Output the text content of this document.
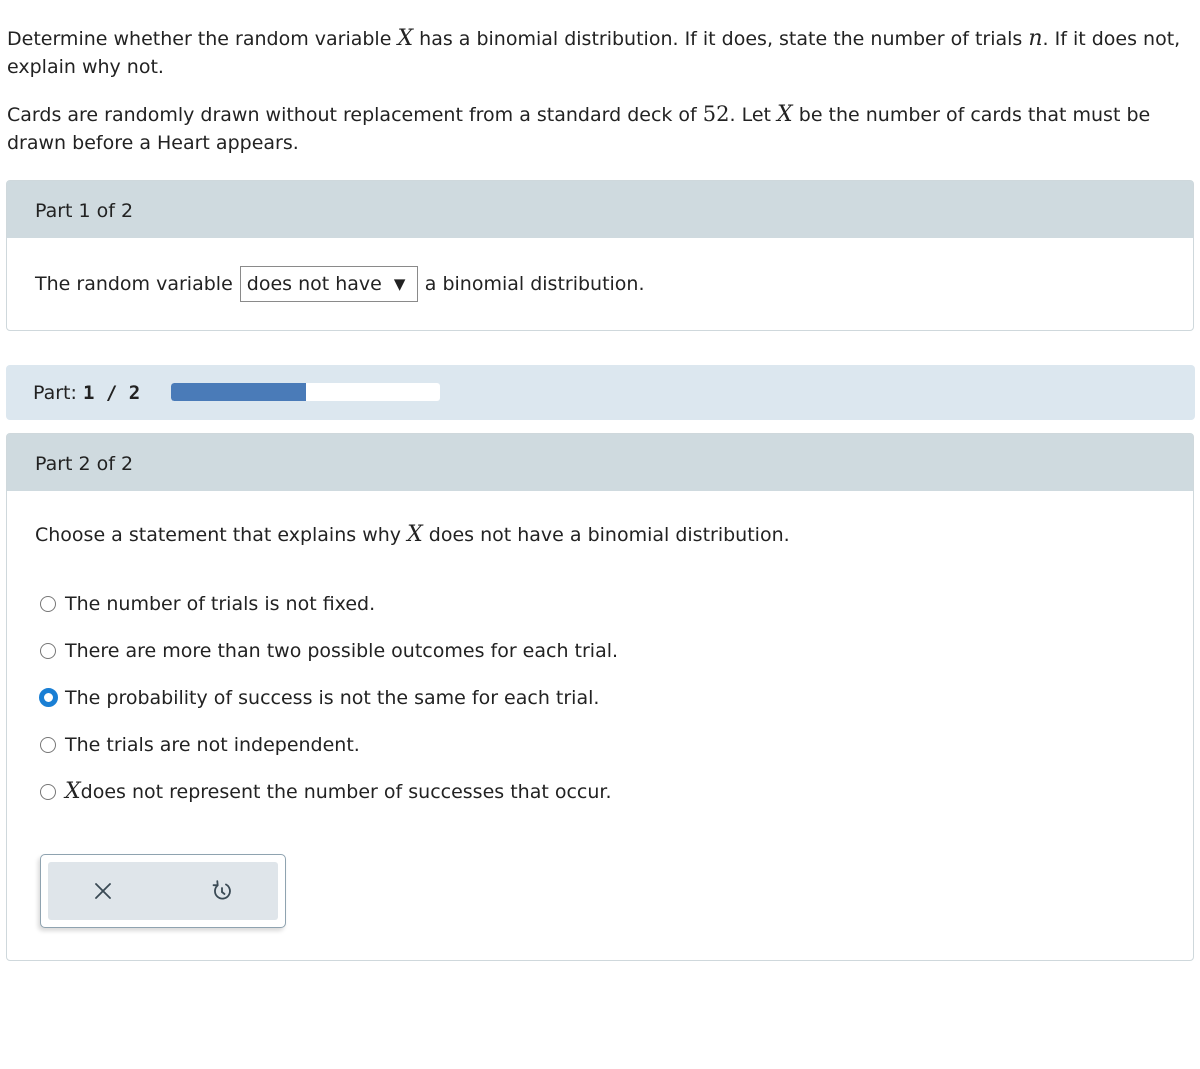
Determine whether the random variable X has a binomial distribution. If it does, state the number of trials n. If it does not, explain why not.
Cards are randomly drawn without replacement from a standard deck of 52. Let X be the number of cards that must be drawn before a Heart appears.
Part 1 of 2
The random variable does not have ▼ a binomial distribution.
Part: 1 / 2
Part 2 of 2
Choose a statement that explains why X does not have a binomial distribution.
The number of trials is not fixed.
There are more than two possible outcomes for each trial.
The probability of success is not the same for each trial.
The trials are not independent.
X does not represent the number of successes that occur.
